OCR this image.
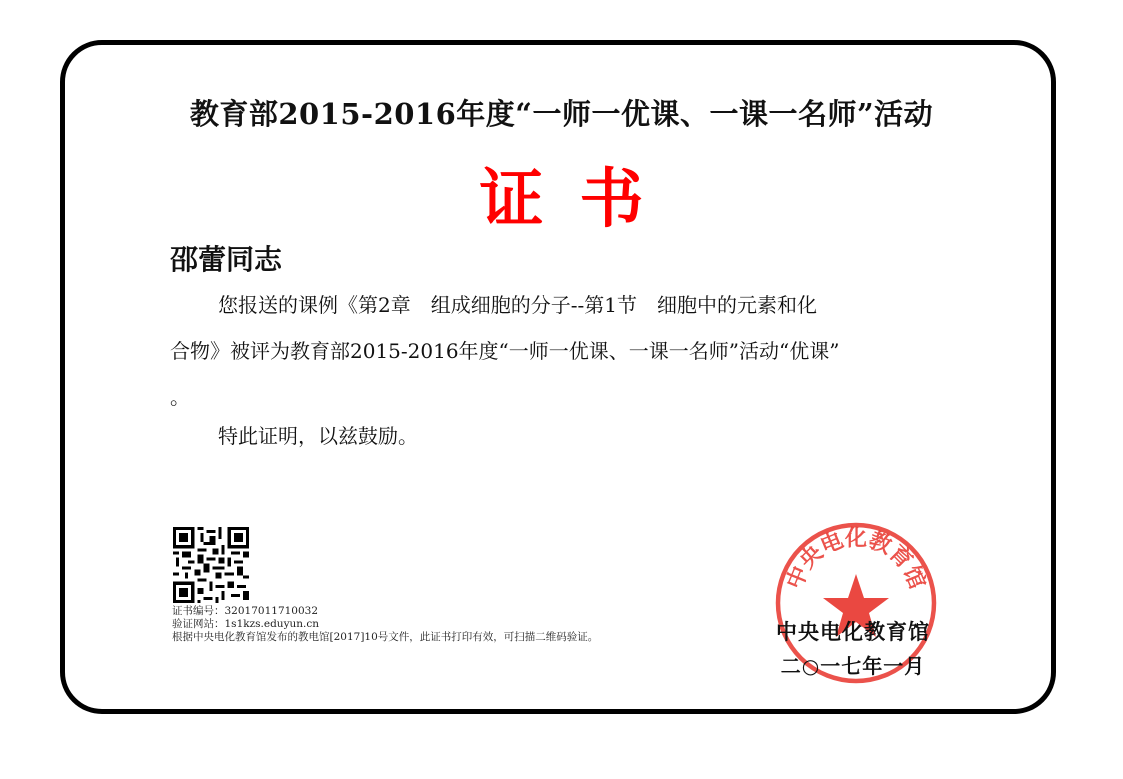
教育部2015-2016年度“一师一优课、一课一名师”活动
证书
邵蕾同志

您报送的课例《第2章　组成细胞的分子--第1节　细胞中的元素和化

合物》被评为教育部2015-2016年度“一师一优课、一课一名师”活动“优课”

。

特此证明，以兹鼓励。
证书编号：32017011710032
验证网站：1s1kzs.eduyun.cn
根据中央电化教育馆发布的教电馆[2017]10号文件，此证书打印有效，可扫描二维码验证。
中央电化教育馆
中央电化教育馆
二○一七年一月
